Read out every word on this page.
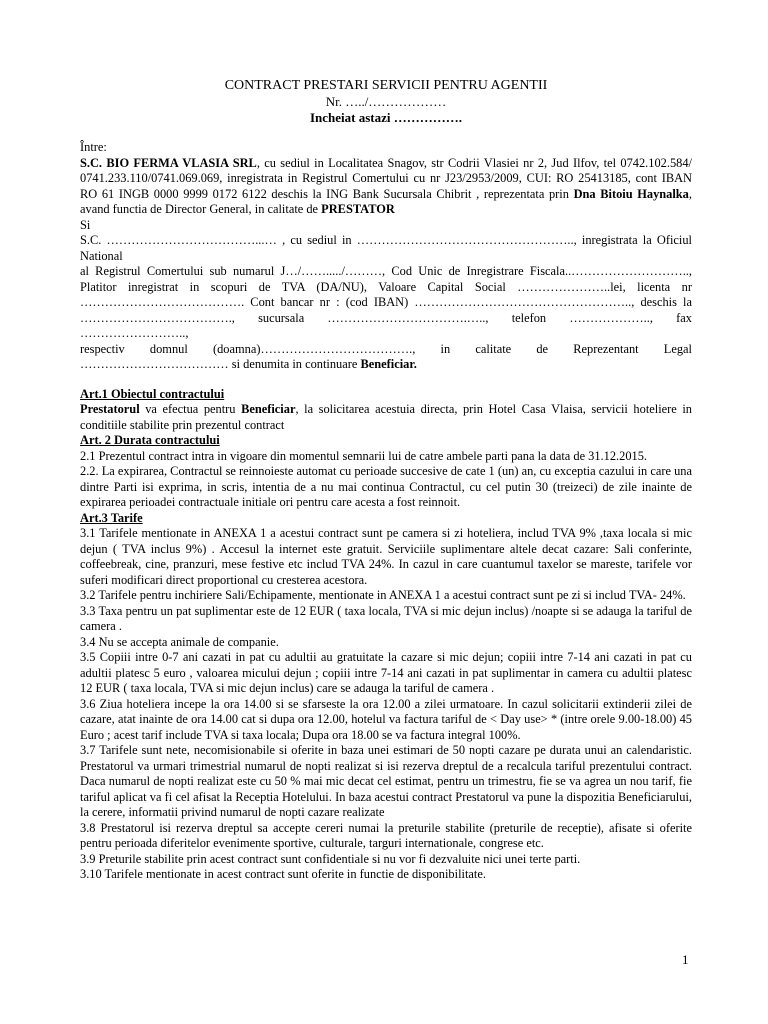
CONTRACT PRESTARI SERVICII PENTRU AGENTII

Nr. …../………………

Incheiat astazi …………….

Între:

S.C. BIO FERMA VLASIA SRL, cu sediul in Localitatea Snagov, str Codrii Vlasiei nr 2, Jud Ilfov, tel 0742.102.584/ 0741.233.110/0741.069.069, inregistrata in Registrul Comertului cu nr J23/2953/2009, CUI: RO 25413185, cont IBAN RO 61 INGB 0000 9999 0172 6122 deschis la ING Bank Sucursala Chibrit , reprezentata prin Dna Bitoiu Haynalka, avand functia de Director General, in calitate de PRESTATOR

Si

S.C. ………………………………...… , cu sediul in …………………………………………….., inregistrata la Oficiul National

al Registrul Comertului sub numarul J…/……...../………, Cod Unic de Inregistrare Fiscala..………………………..,

Platitor inregistrat in scopuri de TVA (DA/NU), Valoare Capital Social …………………..lei, licenta nr

…………………………………. Cont bancar nr : (cod IBAN) …………………………………………….., deschis la

………………………………., sucursala …………………………….….., telefon ……………….., fax ……………………..,

respectiv domnul (doamna)………………………………., in calitate de Reprezentant Legal

……………………………… si denumita in continuare Beneficiar.

Art.1 Obiectul contractului

Prestatorul va efectua pentru Beneficiar, la solicitarea acestuia directa, prin Hotel Casa Vlaisa, servicii hoteliere in conditiile stabilite prin prezentul contract

Art. 2 Durata contractului

2.1 Prezentul contract intra in vigoare din momentul semnarii lui de catre ambele parti pana la data de 31.12.2015.

2.2. La expirarea, Contractul se reinnoieste automat cu perioade succesive de cate 1 (un) an, cu exceptia cazului in care una dintre Parti isi exprima, in scris, intentia de a nu mai continua Contractul, cu cel putin 30 (treizeci) de zile inainte de expirarea perioadei contractuale initiale ori pentru care acesta a fost reinnoit.

Art.3 Tarife

3.1 Tarifele mentionate in ANEXA 1 a acestui contract sunt pe camera si zi hoteliera, includ TVA 9% ,taxa locala si mic dejun ( TVA inclus 9%) . Accesul la internet este gratuit. Serviciile suplimentare altele decat cazare: Sali conferinte, coffeebreak, cine, pranzuri, mese festive etc includ TVA 24%. In cazul in care cuantumul taxelor se mareste, tarifele vor suferi modificari direct proportional cu cresterea acestora.

3.2 Tarifele pentru inchiriere Sali/Echipamente, mentionate in ANEXA 1 a acestui contract sunt pe zi si includ TVA- 24%.

3.3 Taxa pentru un pat suplimentar este de 12 EUR ( taxa locala, TVA si mic dejun inclus) /noapte si se adauga la tariful de camera .

3.4 Nu se accepta animale de companie.

3.5 Copiii intre 0-7 ani cazati in pat cu adultii au gratuitate la cazare si mic dejun; copiii intre 7-14 ani cazati in pat cu adultii platesc 5 euro , valoarea micului dejun ; copiii intre 7-14 ani cazati in pat suplimentar in camera cu adultii platesc 12 EUR ( taxa locala, TVA si mic dejun inclus) care se adauga la tariful de camera .

3.6 Ziua hoteliera incepe la ora 14.00 si se sfarseste la ora 12.00 a zilei urmatoare. In cazul solicitarii extinderii zilei de cazare, atat inainte de ora 14.00 cat si dupa ora 12.00, hotelul va factura tariful de < Day use> * (intre orele 9.00-18.00) 45 Euro ; acest tarif include TVA si taxa locala; Dupa ora 18.00 se va factura integral 100%.

3.7 Tarifele sunt nete, necomisionabile si oferite in baza unei estimari de 50 nopti cazare pe durata unui an calendaristic. Prestatorul va urmari trimestrial numarul de nopti realizat si isi rezerva dreptul de a recalcula tariful prezentului contract. Daca numarul de nopti realizat este cu 50 % mai mic decat cel estimat, pentru un trimestru, fie se va agrea un nou tarif, fie tariful aplicat va fi cel afisat la Receptia Hotelului. In baza acestui contract Prestatorul va pune la dispozitia Beneficiarului, la cerere, informatii privind numarul de nopti cazare realizate

3.8 Prestatorul isi rezerva dreptul sa accepte cereri numai la preturile stabilite (preturile de receptie), afisate si oferite pentru perioada diferitelor evenimente sportive, culturale, targuri internationale, congrese etc.

3.9 Preturile stabilite prin acest contract sunt confidentiale si nu vor fi dezvaluite nici unei terte parti.

3.10 Tarifele mentionate in acest contract sunt oferite in functie de disponibilitate.

1
